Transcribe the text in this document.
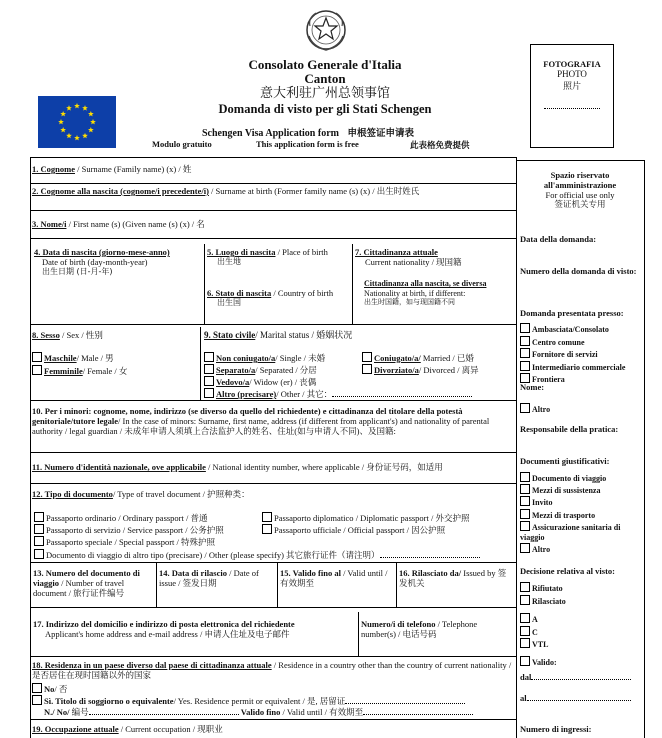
Consolato Generale d'Italia
Canton
意大利驻广州总领事馆
Domanda di visto per gli Stati Schengen
Schengen Visa Application form 申根签证申请表
Modulo gratuito	This application form is free	此表格免费提供
FOTOGRAFIA
PHOTO
照片
1. Cognome / Surname (Family name) (x) / 姓
2. Cognome alla nascita (cognome/i precedente/i) / Surname at birth (Former family name (s) (x) / 出生时姓氏
3. Nome/i / First name (s) (Given name (s) (x) / 名
4. Data di nascita (giorno-mese-anno)
Date of birth (day-month-year)
出生日期 (日-月-年)
5. Luogo di nascita / Place of birth
出生地
6. Stato di nascita / Country of birth
出生国
7. Cittadinanza attuale
Current nationality / 现国籍
Cittadinanza alla nascita, se diversa
Nationality at birth, if different:
出生时国籍，如与现国籍不同
8. Sesso / Sex / 性别
Maschile/ Male / 男
Femminile/ Female / 女
9. Stato civile/ Marital status / 婚姻状况
Non coniugato/a/ Single / 未婚	Coniugato/a/ Married / 已婚
Separato/a/ Separated / 分居	Divorziato/a/ Divorced / 离异
Vedovo/a/ Widow (er) / 丧偶
Altro (precisare)/ Other / 其它：
10. Per i minori: cognome, nome, indirizzo (se diverso da quello del richiedente) e cittadinanza del titolare della potestà genitoriale/tutore legale/ In the case of minors: Surname, first name, address (if different from applicant's) and nationality of parental authority / legal guardian / 未成年申请人须填上合法监护人的姓名、住址(如与申请人不同)、及国籍:
11. Numero d'identità nazionale, ove applicabile / National identity number, where applicable / 身份证号码，如适用
12. Tipo di documento/ Type of travel document / 护照种类：
Passaporto ordinario / Ordinary passport / 普通	Passaporto diplomatico / Diplomatic passport / 外交护照
Passaporto di servizio / Service passport / 公务护照	Passaporto ufficiale / Official passport / 因公护照
Passaporto speciale / Special passport / 特殊护照
Documento di viaggio di altro tipo (precisare) / Other (please specify) 其它旅行证件（请注明）
13. Numero del documento di viaggio / Number of travel document / 旅行证件编号
14. Data di rilascio / Date of issue / 签发日期
15. Valido fino al / Valid until / 有效期至
16. Rilasciato da/ Issued by 签发机关
17. Indirizzo del domicilio e indirizzo di posta elettronica del richiedente
Applicant's home address and e-mail address / 申请人住址及电子邮件
Numero/i di telefono / Telephone number(s) / 电话号码
18. Residenza in un paese diverso dal paese di cittadinanza attuale / Residence in a country other than the country of current nationality / 是否居住在现时国籍以外的国家
No/ 否
Sì. Titolo di soggiorno o equivalente/ Yes. Residence permit or equivalent / 是, 居留证
N./ No/ 编号	Valido fino / Valid until / 有效期至
19. Occupazione attuale / Current occupation / 现职业
Spazio riservato all'amministrazione
For official use only
签证机关专用
Data della domanda:
Numero della domanda di visto:
Domanda presentata presso:
Ambasciata/Consolato
Centro comune
Fornitore di servizi
Intermediario commerciale
Frontiera
Nome:
Altro
Responsabile della pratica:
Documenti giustificativi:
Documento di viaggio
Mezzi di sussistenza
Invito
Mezzi di trasporto
Assicurazione sanitaria di viaggio
Altro
Decisione relativa al visto:
Rifiutato
Rilasciato
A
C
VTL
Valido:
dal
al
Numero di ingressi:
